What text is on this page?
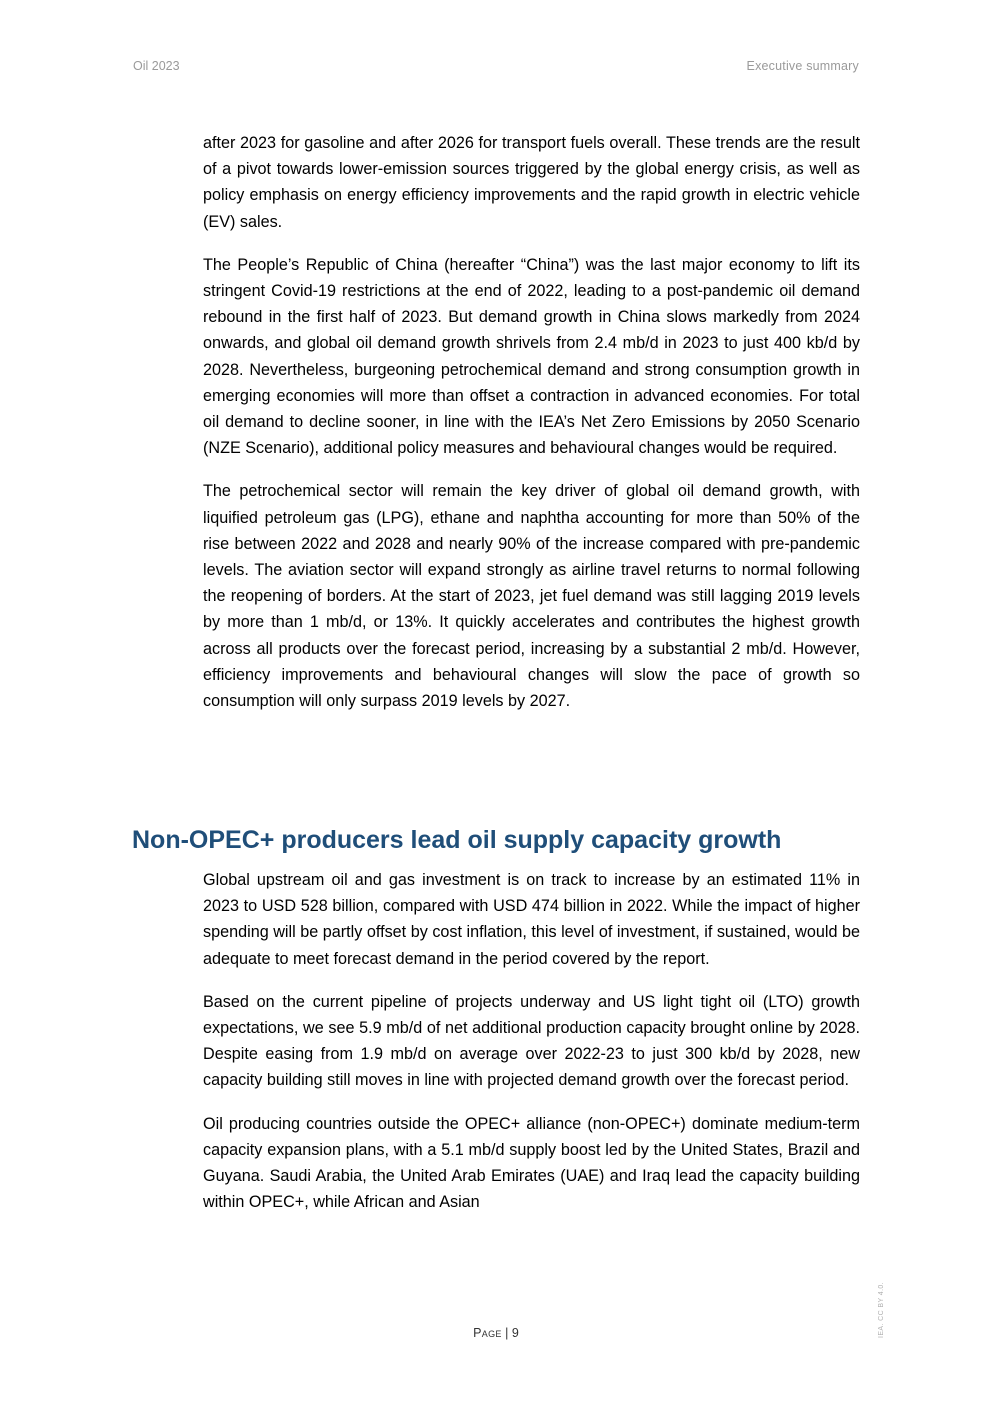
Oil 2023	Executive summary

after 2023 for gasoline and after 2026 for transport fuels overall. These trends are the result of a pivot towards lower-emission sources triggered by the global energy crisis, as well as policy emphasis on energy efficiency improvements and the rapid growth in electric vehicle (EV) sales.

The People’s Republic of China (hereafter “China”) was the last major economy to lift its stringent Covid-19 restrictions at the end of 2022, leading to a post-pandemic oil demand rebound in the first half of 2023. But demand growth in China slows markedly from 2024 onwards, and global oil demand growth shrivels from 2.4 mb/d in 2023 to just 400 kb/d by 2028. Nevertheless, burgeoning petrochemical demand and strong consumption growth in emerging economies will more than offset a contraction in advanced economies. For total oil demand to decline sooner, in line with the IEA’s Net Zero Emissions by 2050 Scenario (NZE Scenario), additional policy measures and behavioural changes would be required.

The petrochemical sector will remain the key driver of global oil demand growth, with liquified petroleum gas (LPG), ethane and naphtha accounting for more than 50% of the rise between 2022 and 2028 and nearly 90% of the increase compared with pre-pandemic levels. The aviation sector will expand strongly as airline travel returns to normal following the reopening of borders. At the start of 2023, jet fuel demand was still lagging 2019 levels by more than 1 mb/d, or 13%. It quickly accelerates and contributes the highest growth across all products over the forecast period, increasing by a substantial 2 mb/d. However, efficiency improvements and behavioural changes will slow the pace of growth so consumption will only surpass 2019 levels by 2027.

Non-OPEC+ producers lead oil supply capacity growth

Global upstream oil and gas investment is on track to increase by an estimated 11% in 2023 to USD 528 billion, compared with USD 474 billion in 2022. While the impact of higher spending will be partly offset by cost inflation, this level of investment, if sustained, would be adequate to meet forecast demand in the period covered by the report.

Based on the current pipeline of projects underway and US light tight oil (LTO) growth expectations, we see 5.9 mb/d of net additional production capacity brought online by 2028. Despite easing from 1.9 mb/d on average over 2022-23 to just 300 kb/d by 2028, new capacity building still moves in line with projected demand growth over the forecast period.

Oil producing countries outside the OPEC+ alliance (non-OPEC+) dominate medium-term capacity expansion plans, with a 5.1 mb/d supply boost led by the United States, Brazil and Guyana. Saudi Arabia, the United Arab Emirates (UAE) and Iraq lead the capacity building within OPEC+, while African and Asian

Page | 9	IEA. CC BY 4.0.
